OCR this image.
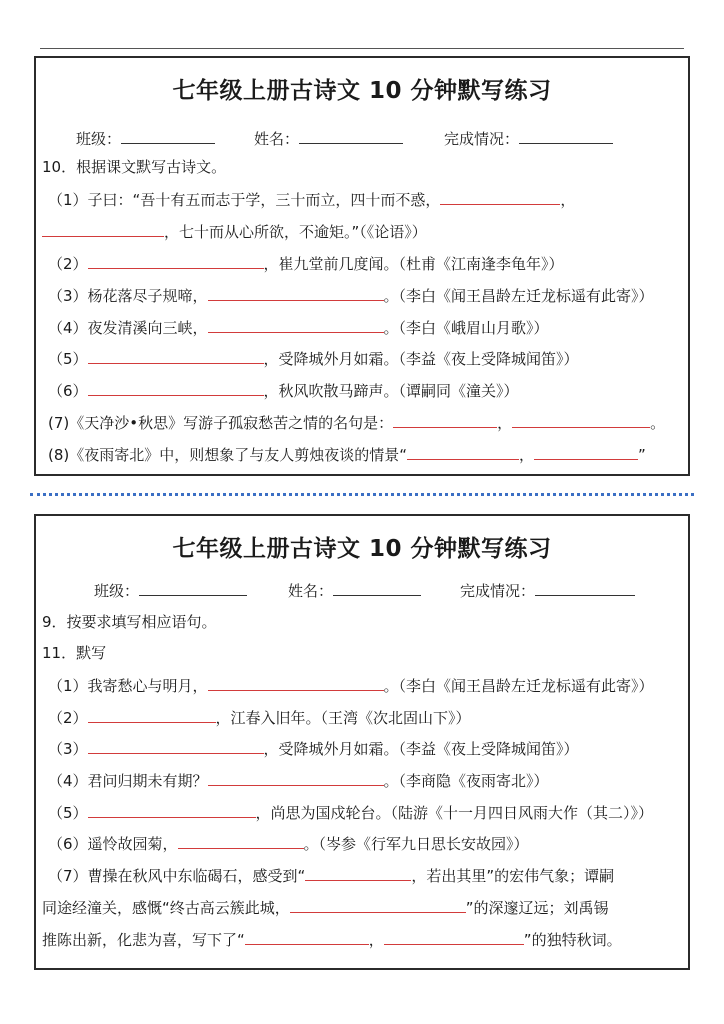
七年级上册古诗文 10 分钟默写练习
班级：	姓名：	完成情况：
10．根据课文默写古诗文。
（1）子曰：“吾十有五而志于学，三十而立，四十而不惑，	，
，七十而从心所欲，不逾矩。”（《论语》）
（2）	，崔九堂前几度闻。（杜甫《江南逢李龟年》）
（3）杨花落尽子规啼，	。（李白《闻王昌龄左迁龙标遥有此寄》）
（4）夜发清溪向三峡，	。（李白《峨眉山月歌》）
（5）	，受降城外月如霜。（李益《夜上受降城闻笛》）
（6）	，秋风吹散马蹄声。（谭嗣同《潼关》）
(7)《天净沙•秋思》写游子孤寂愁苦之情的名句是：	，	。
(8)《夜雨寄北》中，则想象了与友人剪烛夜谈的情景“	，	”
七年级上册古诗文 10 分钟默写练习
班级：	姓名：	完成情况：
9．按要求填写相应语句。
11．默写
（1）我寄愁心与明月，	。（李白《闻王昌龄左迁龙标遥有此寄》）
（2）	，江春入旧年。（王湾《次北固山下》）
（3）	，受降城外月如霜。（李益《夜上受降城闻笛》）
（4）君问归期未有期？	。（李商隐《夜雨寄北》）
（5）	，尚思为国戍轮台。（陆游《十一月四日风雨大作（其二）》）
（6）遥怜故园菊，	。（岑参《行军九日思长安故园》）
（7）曹操在秋风中东临碣石，感受到“	，若出其里”的宏伟气象；谭嗣
同途经潼关，感慨“终古高云簇此城，	”的深邃辽远；刘禹锡
推陈出新，化悲为喜，写下了“	，	”的独特秋词。
